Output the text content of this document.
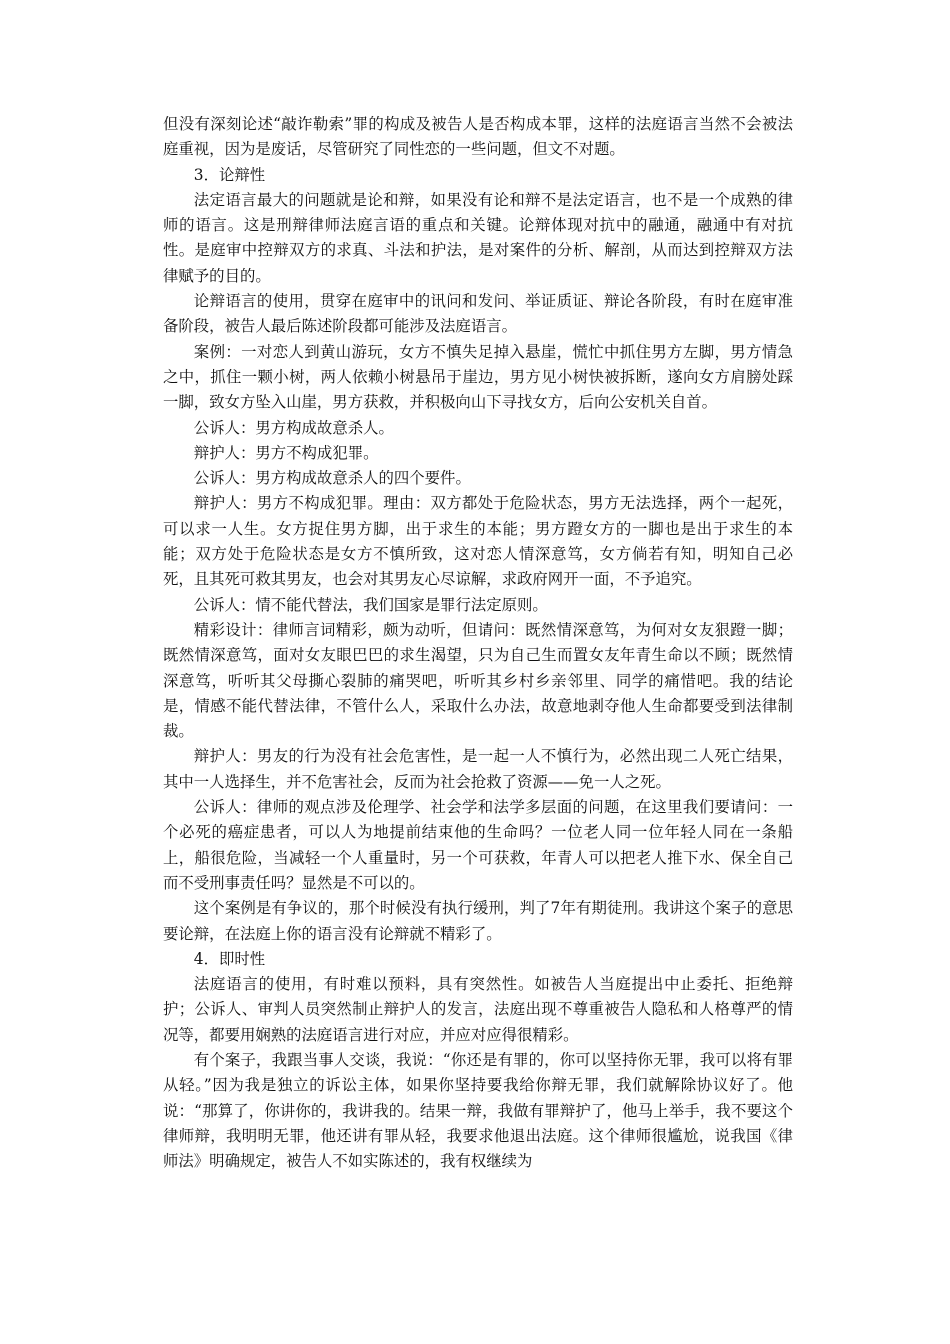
但没有深刻论述“敲诈勒索”罪的构成及被告人是否构成本罪，这样的法庭语言当然不会被法庭重视，因为是废话，尽管研究了同性恋的一些问题，但文不对题。

3．论辩性

法定语言最大的问题就是论和辩，如果没有论和辩不是法定语言，也不是一个成熟的律师的语言。这是刑辩律师法庭言语的重点和关键。论辩体现对抗中的融通，融通中有对抗性。是庭审中控辩双方的求真、斗法和护法，是对案件的分析、解剖，从而达到控辩双方法律赋予的目的。

论辩语言的使用，贯穿在庭审中的讯问和发问、举证质证、辩论各阶段，有时在庭审准备阶段，被告人最后陈述阶段都可能涉及法庭语言。

案例：一对恋人到黄山游玩，女方不慎失足掉入悬崖，慌忙中抓住男方左脚，男方情急之中，抓住一颗小树，两人依赖小树悬吊于崖边，男方见小树快被拆断，遂向女方肩膀处踩一脚，致女方坠入山崖，男方获救，并积极向山下寻找女方，后向公安机关自首。

公诉人：男方构成故意杀人。

辩护人：男方不构成犯罪。

公诉人：男方构成故意杀人的四个要件。

辩护人：男方不构成犯罪。理由：双方都处于危险状态，男方无法选择，两个一起死，可以求一人生。女方捉住男方脚，出于求生的本能；男方蹬女方的一脚也是出于求生的本能；双方处于危险状态是女方不慎所致，这对恋人情深意笃，女方倘若有知，明知自己必死，且其死可救其男友，也会对其男友心尽谅解，求政府网开一面，不予追究。

公诉人：情不能代替法，我们国家是罪行法定原则。

精彩设计：律师言词精彩，颇为动听，但请问：既然情深意笃，为何对女友狠蹬一脚；既然情深意笃，面对女友眼巴巴的求生渴望，只为自己生而置女友年青生命以不顾；既然情深意笃，听听其父母撕心裂肺的痛哭吧，听听其乡村乡亲邻里、同学的痛惜吧。我的结论是，情感不能代替法律，不管什么人，采取什么办法，故意地剥夺他人生命都要受到法律制裁。

辩护人：男友的行为没有社会危害性，是一起一人不慎行为，必然出现二人死亡结果，其中一人选择生，并不危害社会，反而为社会抢救了资源——免一人之死。

公诉人：律师的观点涉及伦理学、社会学和法学多层面的问题，在这里我们要请问：一个必死的癌症患者，可以人为地提前结束他的生命吗？一位老人同一位年轻人同在一条船上，船很危险，当减轻一个人重量时，另一个可获救，年青人可以把老人推下水、保全自己而不受刑事责任吗？显然是不可以的。

这个案例是有争议的，那个时候没有执行缓刑，判了7年有期徒刑。我讲这个案子的意思要论辩，在法庭上你的语言没有论辩就不精彩了。

4．即时性

法庭语言的使用，有时难以预料，具有突然性。如被告人当庭提出中止委托、拒绝辩护；公诉人、审判人员突然制止辩护人的发言，法庭出现不尊重被告人隐私和人格尊严的情况等，都要用娴熟的法庭语言进行对应，并应对应得很精彩。

有个案子，我跟当事人交谈，我说：“你还是有罪的，你可以坚持你无罪，我可以将有罪从轻。”因为我是独立的诉讼主体，如果你坚持要我给你辩无罪，我们就解除协议好了。他说：“那算了，你讲你的，我讲我的。结果一辩，我做有罪辩护了，他马上举手，我不要这个律师辩，我明明无罪，他还讲有罪从轻，我要求他退出法庭。这个律师很尴尬，说我国《律师法》明确规定，被告人不如实陈述的，我有权继续为
